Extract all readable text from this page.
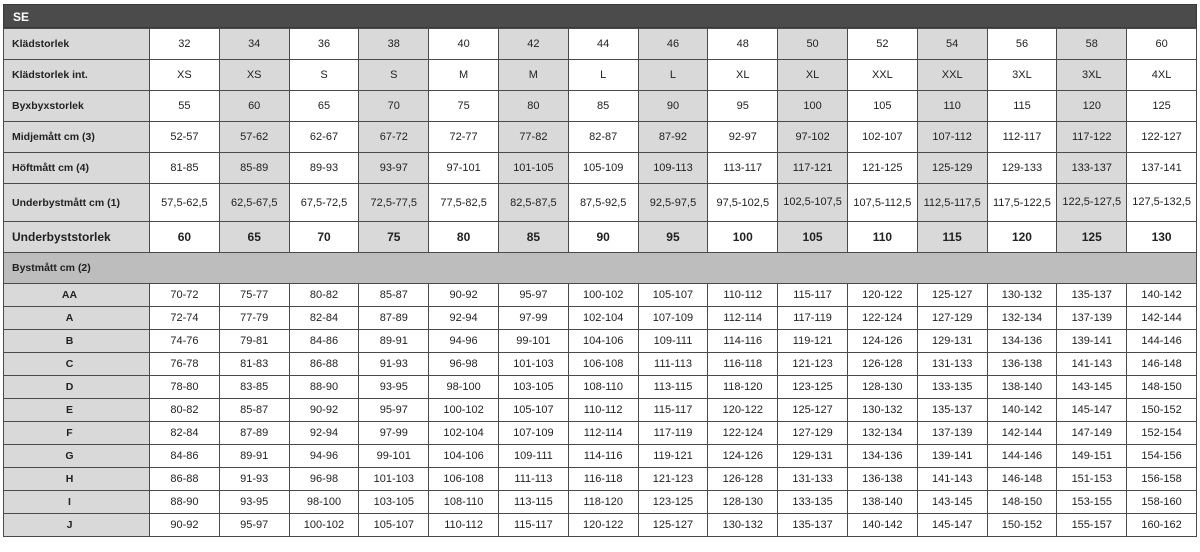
SE
Klädstorlek	32	34	36	38	40	42	44	46	48	50	52	54	56	58	60
Klädstorlek int.	XS	XS	S	S	M	M	L	L	XL	XL	XXL	XXL	3XL	3XL	4XL
Byxbyxstorlek	55	60	65	70	75	80	85	90	95	100	105	110	115	120	125
Midjemått cm (3)	52-57	57-62	62-67	67-72	72-77	77-82	82-87	87-92	92-97	97-102	102-107	107-112	112-117	117-122	122-127
Höftmått cm (4)	81-85	85-89	89-93	93-97	97-101	101-105	105-109	109-113	113-117	117-121	121-125	125-129	129-133	133-137	137-141
Underbystmått cm (1)	57,5-62,5	62,5-67,5	67,5-72,5	72,5-77,5	77,5-82,5	82,5-87,5	87,5-92,5	92,5-97,5	97,5-102,5	102,5-107,5	107,5-112,5	112,5-117,5	117,5-122,5	122,5-127,5	127,5-132,5
Underbyststorlek	60	65	70	75	80	85	90	95	100	105	110	115	120	125	130
Bystmått cm (2)															
AA	70-72	75-77	80-82	85-87	90-92	95-97	100-102	105-107	110-112	115-117	120-122	125-127	130-132	135-137	140-142
A	72-74	77-79	82-84	87-89	92-94	97-99	102-104	107-109	112-114	117-119	122-124	127-129	132-134	137-139	142-144
B	74-76	79-81	84-86	89-91	94-96	99-101	104-106	109-111	114-116	119-121	124-126	129-131	134-136	139-141	144-146
C	76-78	81-83	86-88	91-93	96-98	101-103	106-108	111-113	116-118	121-123	126-128	131-133	136-138	141-143	146-148
D	78-80	83-85	88-90	93-95	98-100	103-105	108-110	113-115	118-120	123-125	128-130	133-135	138-140	143-145	148-150
E	80-82	85-87	90-92	95-97	100-102	105-107	110-112	115-117	120-122	125-127	130-132	135-137	140-142	145-147	150-152
F	82-84	87-89	92-94	97-99	102-104	107-109	112-114	117-119	122-124	127-129	132-134	137-139	142-144	147-149	152-154
G	84-86	89-91	94-96	99-101	104-106	109-111	114-116	119-121	124-126	129-131	134-136	139-141	144-146	149-151	154-156
H	86-88	91-93	96-98	101-103	106-108	111-113	116-118	121-123	126-128	131-133	136-138	141-143	146-148	151-153	156-158
I	88-90	93-95	98-100	103-105	108-110	113-115	118-120	123-125	128-130	133-135	138-140	143-145	148-150	153-155	158-160
J	90-92	95-97	100-102	105-107	110-112	115-117	120-122	125-127	130-132	135-137	140-142	145-147	150-152	155-157	160-162
